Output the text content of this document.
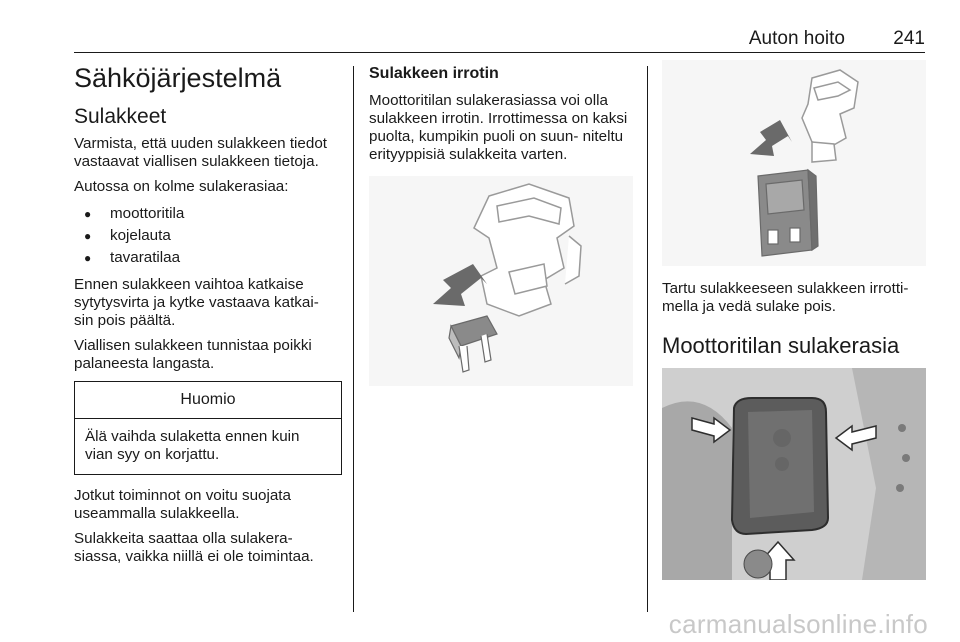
Auton hoito	241
Sähköjärjestelmä
Sulakkeet

Varmista, että uuden sulakkeen tiedot vastaavat viallisen sulakkeen tietoja.

Autossa on kolme sulakerasiaa:

● moottoritila
● kojelauta
● tavaratilaa

Ennen sulakkeen vaihtoa katkaise sytytysvirta ja kytke vastaava katkai- sin pois päältä.

Viallisen sulakkeen tunnistaa poikki palaneesta langasta.

Huomio

Älä vaihda sulaketta ennen kuin vian syy on korjattu.

Jotkut toiminnot on voitu suojata useammalla sulakkeella.

Sulakkeita saattaa olla sulakera- siassa, vaikka niillä ei ole toimintaa.

Sulakkeen irrotin

Moottoritilan sulakerasiassa voi olla sulakkeen irrotin. Irrottimessa on kaksi puolta, kumpikin puoli on suun- niteltu erityyppisiä sulakkeita varten.

Tartu sulakkeeseen sulakkeen irrotti- mella ja vedä sulake pois.

Moottoritilan sulakerasia
carmanualsonline.info
